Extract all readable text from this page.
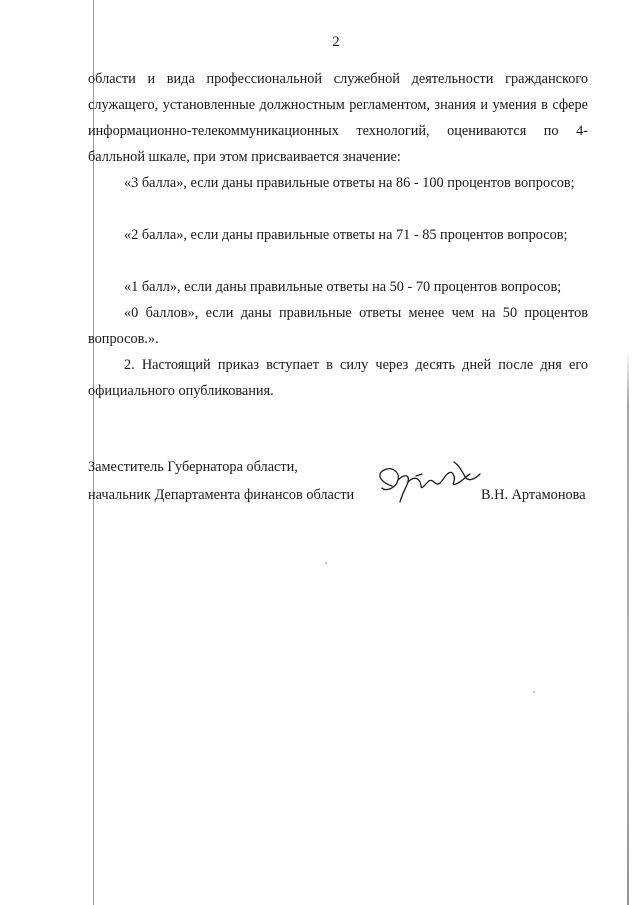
2

области и вида профессиональной служебной деятельности гражданского служащего, установленные должностным регламентом, знания и умения в сфере информационно-телекоммуникационных технологий, оцениваются по 4-балльной шкале, при этом присваивается значение:

«3 балла», если даны правильные ответы на 86 - 100 процентов вопросов;

«2 балла», если даны правильные ответы на 71 - 85 процентов вопросов;

«1 балл», если даны правильные ответы на 50 - 70 процентов вопросов;

«0 баллов», если даны правильные ответы менее чем на 50 процентов вопросов.».

2. Настоящий приказ вступает в силу через десять дней после дня его официального опубликования.

Заместитель Губернатора области,
начальник Департамента финансов области	В.Н. Артамонова
